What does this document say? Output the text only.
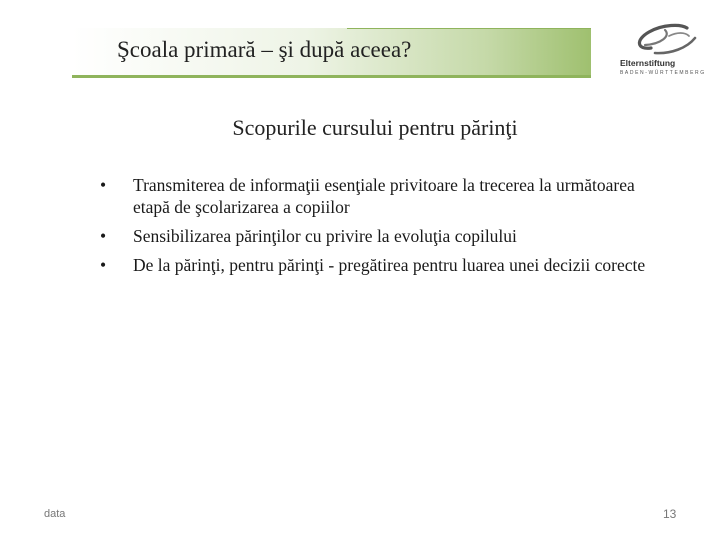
Şcoala primară – şi după aceea?
Elternstiftung
BADEN-WÜRTTEMBERG
Scopurile cursului pentru părinţi
• Transmiterea de informaţii esenţiale privitoare la trecerea la următoarea etapă de şcolarizarea a copiilor
• Sensibilizarea părinţilor cu privire la evoluţia copilului
• De la părinţi, pentru părinţi - pregătirea pentru luarea unei decizii corecte
data	13
